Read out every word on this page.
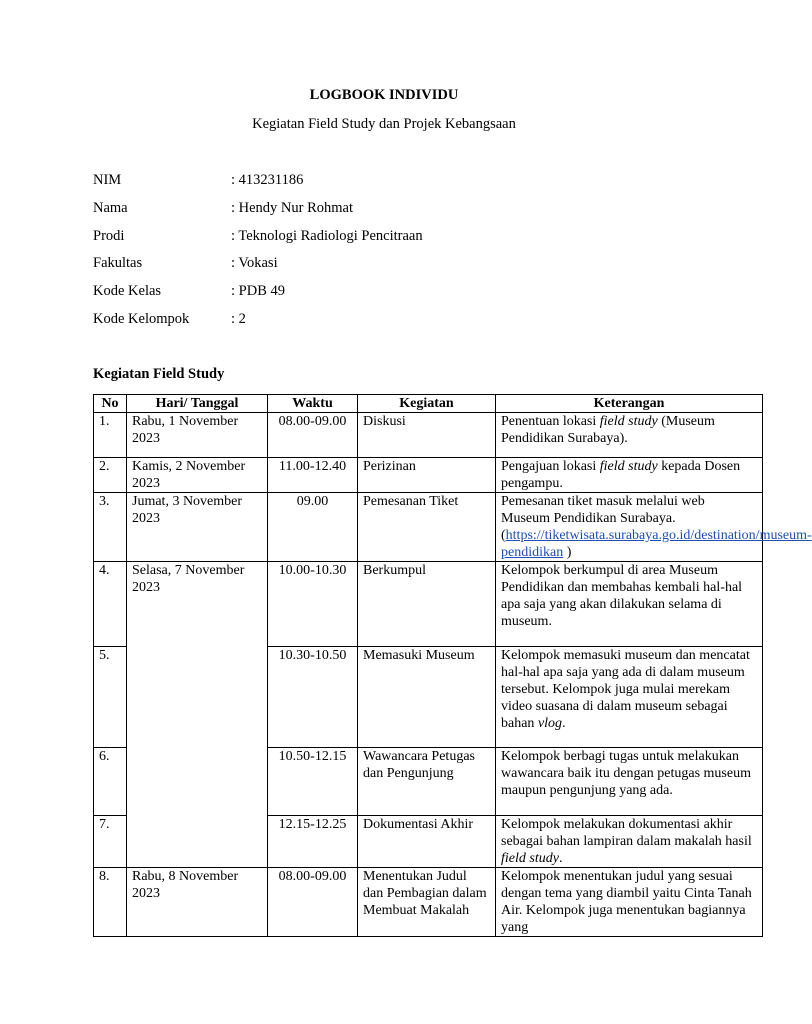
LOGBOOK INDIVIDU
Kegiatan Field Study dan Projek Kebangsaan
NIM	: 413231186
Nama	: Hendy Nur Rohmat
Prodi	: Teknologi Radiologi Pencitraan
Fakultas	: Vokasi
Kode Kelas	: PDB 49
Kode Kelompok	: 2
Kegiatan Field Study
No	Hari/ Tanggal	Waktu	Kegiatan	Keterangan
1.	Rabu, 1 November 2023	08.00-09.00	Diskusi	Penentuan lokasi field study (Museum Pendidikan Surabaya).
2.	Kamis, 2 November 2023	11.00-12.40	Perizinan	Pengajuan lokasi field study kepada Dosen pengampu.
3.	Jumat, 3 November 2023	09.00	Pemesanan Tiket	Pemesanan tiket masuk melalui web Museum Pendidikan Surabaya. (https://tiketwisata.surabaya.go.id/destination/museum-pendidikan )
4.	Selasa, 7 November 2023	10.00-10.30	Berkumpul	Kelompok berkumpul di area Museum Pendidikan dan membahas kembali hal-hal apa saja yang akan dilakukan selama di museum.
5.		10.30-10.50	Memasuki Museum	Kelompok memasuki museum dan mencatat hal-hal apa saja yang ada di dalam museum tersebut. Kelompok juga mulai merekam video suasana di dalam museum sebagai bahan vlog.
6.		10.50-12.15	Wawancara Petugas dan Pengunjung	Kelompok berbagi tugas untuk melakukan wawancara baik itu dengan petugas museum maupun pengunjung yang ada.
7.		12.15-12.25	Dokumentasi Akhir	Kelompok melakukan dokumentasi akhir sebagai bahan lampiran dalam makalah hasil field study.
8.	Rabu, 8 November 2023	08.00-09.00	Menentukan Judul dan Pembagian dalam Membuat Makalah	Kelompok menentukan judul yang sesuai dengan tema yang diambil yaitu Cinta Tanah Air. Kelompok juga menentukan bagiannya yang
